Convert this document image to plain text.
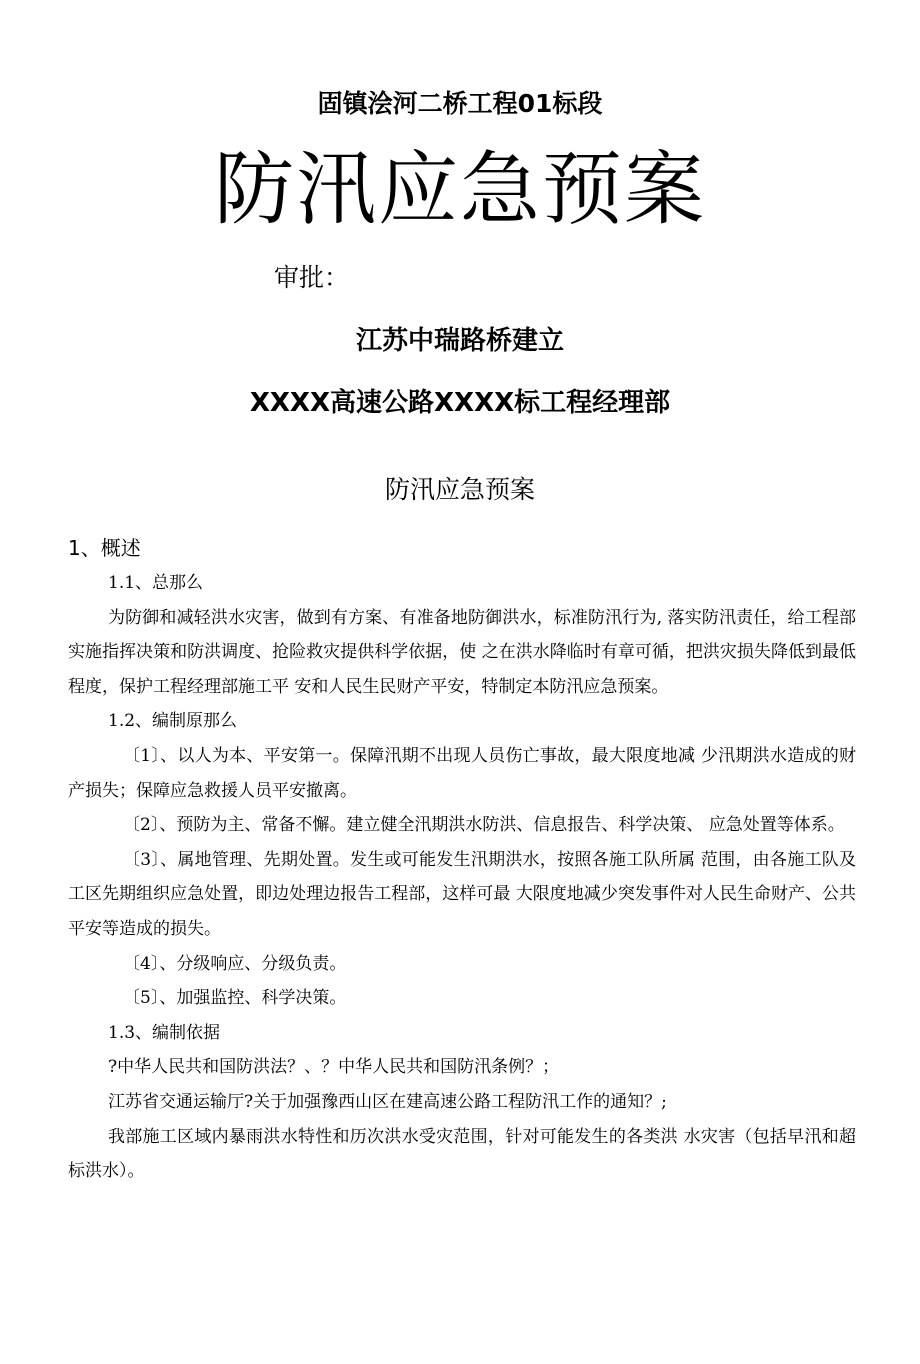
固镇浍河二桥工程01标段
防汛应急预案
审批：
江苏中瑞路桥建立
XXXX高速公路XXXX标工程经理部
防汛应急预案

1、概述

1.1、总那么

为防御和减轻洪水灾害，做到有方案、有准备地防御洪水，标准防汛行为, 落实防汛责任，给工程部实施指挥决策和防洪调度、抢险救灾提供科学依据，使 之在洪水降临时有章可循，把洪灾损失降低到最低程度，保护工程经理部施工平 安和人民生民财产平安，特制定本防汛应急预案。

1.2、编制原那么

〔1〕、以人为本、平安第一。保障汛期不出现人员伤亡事故，最大限度地减 少汛期洪水造成的财产损失；保障应急救援人员平安撤离。

〔2〕、预防为主、常备不懈。建立健全汛期洪水防洪、信息报告、科学决策、 应急处置等体系。

〔3〕、属地管理、先期处置。发生或可能发生汛期洪水，按照各施工队所属 范围，由各施工队及工区先期组织应急处置，即边处理边报告工程部，这样可最 大限度地减少突发事件对人民生命财产、公共平安等造成的损失。

〔4〕、分级响应、分级负责。

〔5〕、加强监控、科学决策。

1.3、编制依据

?中华人民共和国防洪法？、？中华人民共和国防汛条例？；

江苏省交通运输厅?关于加强豫西山区在建高速公路工程防汛工作的通知？;

我部施工区域内暴雨洪水特性和历次洪水受灾范围，针对可能发生的各类洪 水灾害（包括早汛和超标洪水）。
